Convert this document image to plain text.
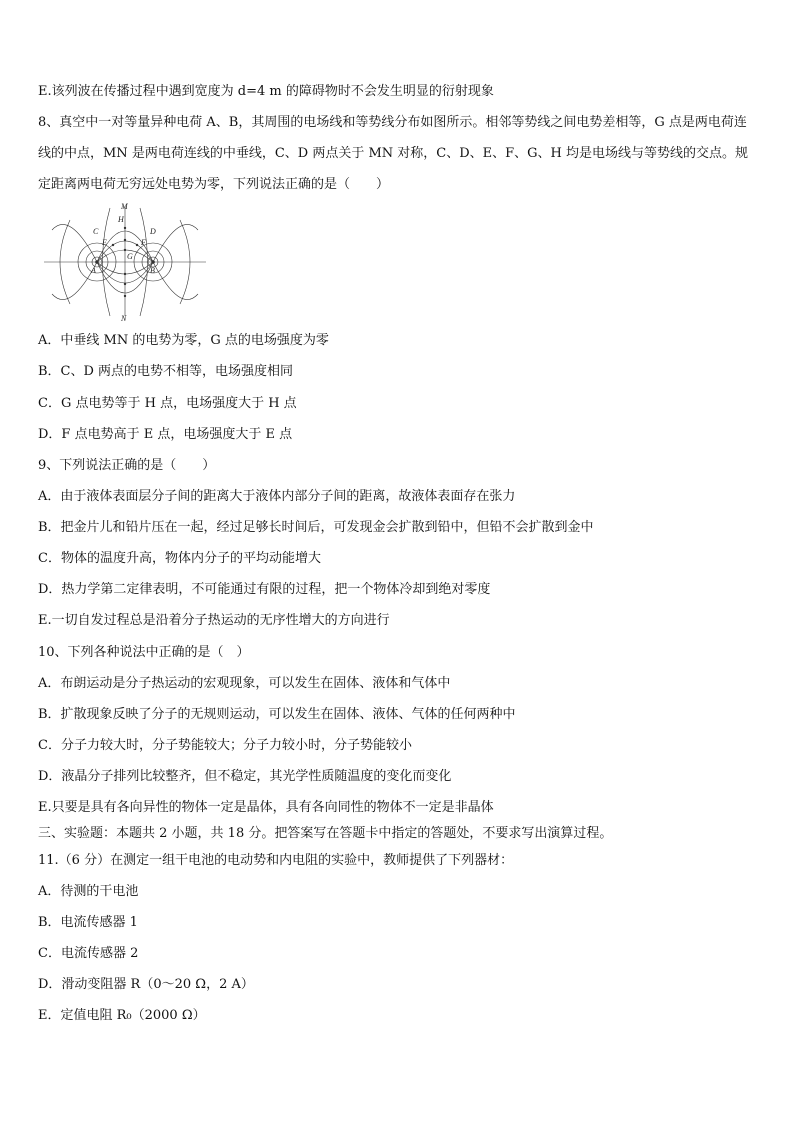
E.该列波在传播过程中遇到宽度为 d=4 m 的障碍物时不会发生明显的衍射现象
8、真空中一对等量异种电荷 A、B，其周围的电场线和等势线分布如图所示。相邻等势线之间电势差相等，G 点是两电荷连线的中点，MN 是两电荷连线的中垂线，C、D 两点关于 MN 对称，C、D、E、F、G、H 均是电场线与等势线的交点。规定距离两电荷无穷远处电势为零，下列说法正确的是（　　）
M
N
H
G
C	D
E	F
A	B
A．中垂线 MN 的电势为零，G 点的电场强度为零
B．C、D 两点的电势不相等，电场强度相同
C．G 点电势等于 H 点，电场强度大于 H 点
D．F 点电势高于 E 点，电场强度大于 E 点
9、下列说法正确的是（　　）
A．由于液体表面层分子间的距离大于液体内部分子间的距离，故液体表面存在张力
B．把金片儿和铅片压在一起，经过足够长时间后，可发现金会扩散到铅中，但铅不会扩散到金中
C．物体的温度升高，物体内分子的平均动能增大
D．热力学第二定律表明，不可能通过有限的过程，把一个物体冷却到绝对零度
E.一切自发过程总是沿着分子热运动的无序性增大的方向进行
10、下列各种说法中正确的是（　）
A．布朗运动是分子热运动的宏观现象，可以发生在固体、液体和气体中
B．扩散现象反映了分子的无规则运动，可以发生在固体、液体、气体的任何两种中
C．分子力较大时，分子势能较大；分子力较小时，分子势能较小
D．液晶分子排列比较整齐，但不稳定，其光学性质随温度的变化而变化
E.只要是具有各向异性的物体一定是晶体，具有各向同性的物体不一定是非晶体
三、实验题：本题共 2 小题，共 18 分。把答案写在答题卡中指定的答题处，不要求写出演算过程。
11.（6 分）在测定一组干电池的电动势和内电阻的实验中，教师提供了下列器材：
A．待测的干电池
B．电流传感器 1
C．电流传感器 2
D．滑动变阻器 R（0～20 Ω，2 A）
E．定值电阻 R₀（2000 Ω）
